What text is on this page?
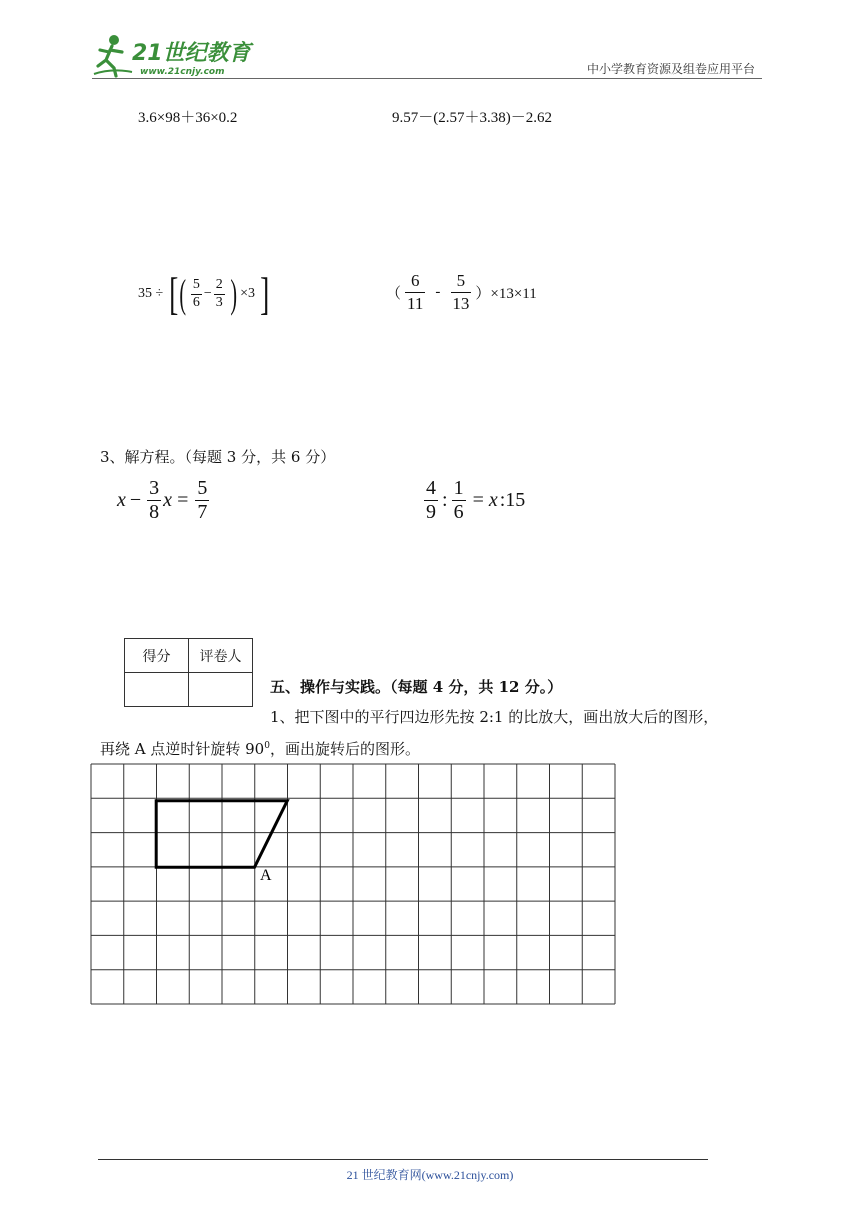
21世纪教育
www.21cnjy.com	中小学教育资源及组卷应用平台
3.6×98＋36×0.2	9.57－(2.57＋3.38)－2.62
35 ÷ [ ( $\frac{5}{6} - \frac{2}{3}$ ) ×3 ]	（ $\frac{6}{11} - \frac{5}{13} )\times 13\times 11$
3、解方程。（每题 3 分，共 6 分）
$x - \frac{3}{8}$ $x = \frac{5}{7}$	$\frac{4}{9}$ : $\frac{1}{6} = x$ :15
得分	评卷人

五、操作与实践。（每题 4 分，共 12 分。）
1、把下图中的平行四边形先按 2:1 的比放大，画出放大后的图形，
再绕 A 点逆时针旋转 $90^0$，画出旋转后的图形。
A
21 世纪教育网(www.21cnjy.com)
